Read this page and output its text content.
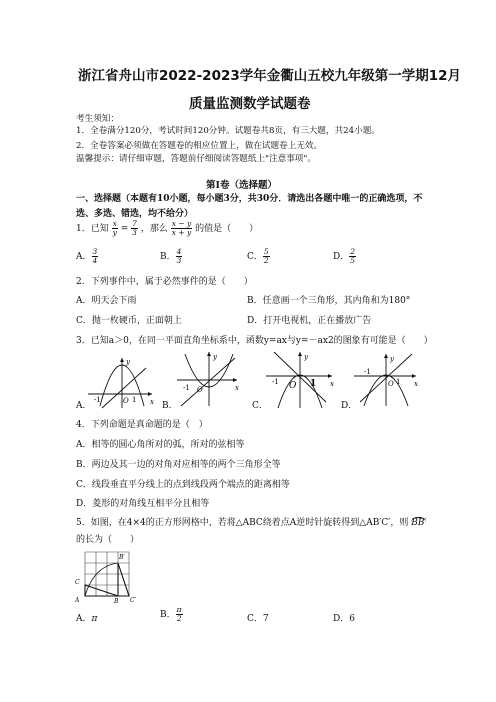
浙江省舟山市2022-2023学年金衢山五校九年级第一学期12月
质量监测数学试题卷
考生须知：
1．全卷满分120分，考试时间120分钟。试题卷共8页，有三大题，共24小题。
2．全卷答案必须做在答题卷的相应位置上，做在试题卷上无效。
温馨提示：请仔细审题，答题前仔细阅读答题纸上"注意事项"。
第Ⅰ卷（选择题）
一、选择题（本题有10小题，每小题3分，共30分．请选出各题中唯一的正确选项，不
选、多选、错选，均不给分）
1．已知 $\frac{x}{y} = \frac{7}{3}$ ，那么 $\frac{x - y}{x + y}$ 的值是（　　）
A． $\frac{3}{4}$	B． $\frac{4}{3}$	C． $\frac{5}{2}$	D． $\frac{2}{5}$
2．下列事件中，属于必然事件的是（　　）
A．明天会下雨	B．任意画一个三角形，其内角和为180°
C．抛一枚硬币，正面朝上	D．打开电视机，正在播放广告
3．已知a＞0，在同一平面直角坐标系中，函数y=ax与y=－ax2的图象有可能是（　　）
y
x
O
-1	1
A．
y
x
O
-1
B．
y
x
O
-1	1
C．
y
x
O
-1
1
D．
4．下列命题是真命题的是（　）
A．相等的圆心角所对的弧，所对的弦相等
B．两边及其一边的对角对应相等的两个三角形全等
C．线段垂直平分线上的点到线段两个端点的距离相等
D．菱形的对角线互相平分且相等
5．如图，在4×4的正方形网格中，若将△ABC绕着点A逆时针旋转得到△AB′C′，则 BB′
的长为（　　）
B′
C
A	B C′
A．π	B． $\frac{\pi}{2}$	C．7	D．6
